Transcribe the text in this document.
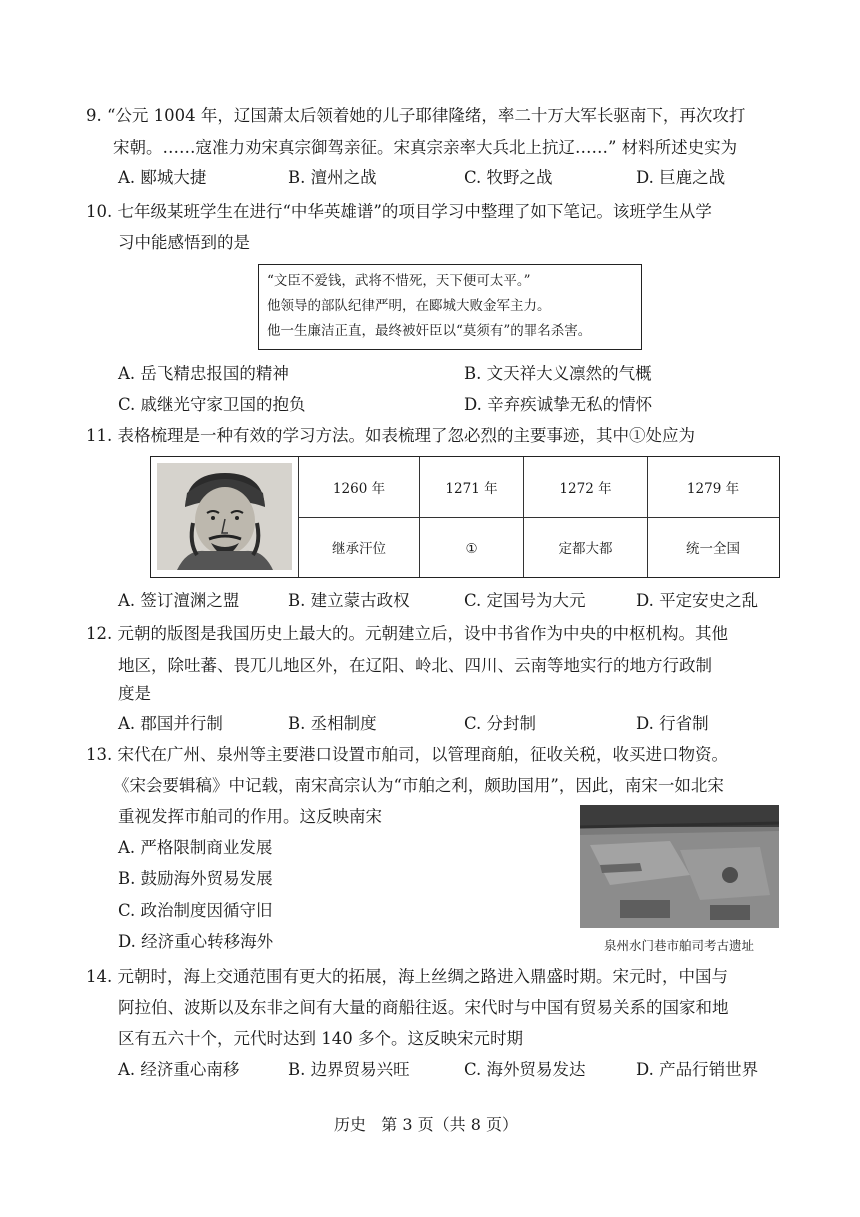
9. “公元 1004 年，辽国萧太后领着她的儿子耶律隆绪，率二十万大军长驱南下，再次攻打
宋朝。……寇准力劝宋真宗御驾亲征。宋真宗亲率大兵北上抗辽……” 材料所述史实为
A. 郾城大捷	B. 澶州之战	C. 牧野之战	D. 巨鹿之战
10. 七年级某班学生在进行“中华英雄谱”的项目学习中整理了如下笔记。该班学生从学
习中能感悟到的是
“文臣不爱钱，武将不惜死，天下便可太平。”
他领导的部队纪律严明，在郾城大败金军主力。
他一生廉洁正直，最终被奸臣以“莫须有”的罪名杀害。
A. 岳飞精忠报国的精神	B. 文天祥大义凛然的气概
C. 戚继光守家卫国的抱负	D. 辛弃疾诚挚无私的情怀
11. 表格梳理是一种有效的学习方法。如表梳理了忽必烈的主要事迹，其中①处应为
1260 年	1271 年	1272 年	1279 年
继承汗位	①	定都大都	统一全国
A. 签订澶渊之盟	B. 建立蒙古政权	C. 定国号为大元	D. 平定安史之乱
12. 元朝的版图是我国历史上最大的。元朝建立后，设中书省作为中央的中枢机构。其他
地区，除吐蕃、畏兀儿地区外，在辽阳、岭北、四川、云南等地实行的地方行政制
度是
A. 郡国并行制	B. 丞相制度	C. 分封制	D. 行省制
13. 宋代在广州、泉州等主要港口设置市舶司，以管理商舶，征收关税，收买进口物资。
《宋会要辑稿》中记载，南宋高宗认为“市舶之利，颇助国用”，因此，南宋一如北宋
重视发挥市舶司的作用。这反映南宋
A. 严格限制商业发展
B. 鼓励海外贸易发展
C. 政治制度因循守旧
D. 经济重心转移海外	泉州水门巷市舶司考古遗址
14. 元朝时，海上交通范围有更大的拓展，海上丝绸之路进入鼎盛时期。宋元时，中国与
阿拉伯、波斯以及东非之间有大量的商船往返。宋代时与中国有贸易关系的国家和地
区有五六十个，元代时达到 140 多个。这反映宋元时期
A. 经济重心南移	B. 边界贸易兴旺	C. 海外贸易发达	D. 产品行销世界
历史   第 3 页（共 8 页）
